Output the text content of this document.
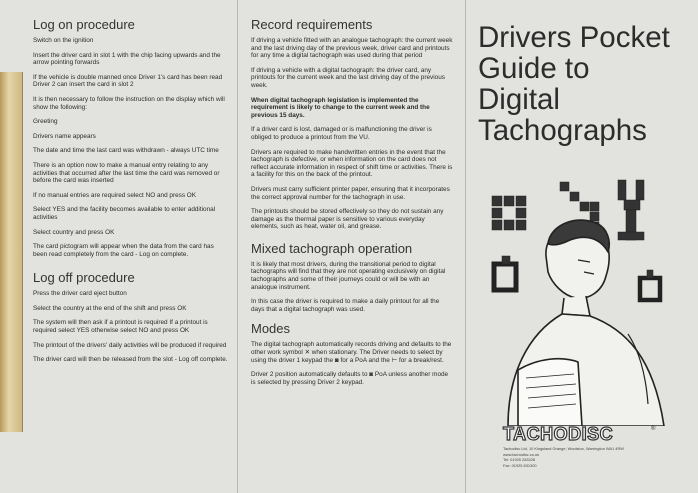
Log on procedure

Switch on the ignition

Insert the driver card in slot 1 with the chip facing upwards and the arrow pointing forwards

If the vehicle is double manned once Driver 1's card has been read Driver 2 can insert the card in slot 2

It is then necessary to follow the instruction on the display which will show the following:

Greeting

Drivers name appears

The date and time the last card was withdrawn - always UTC time

There is an option now to make a manual entry relating to any activities that occurred after the last time the card was removed or before the card was inserted

If no manual entries are required select NO and press OK

Select YES and the facility becomes available to enter additional activities

Select country and press OK

The card pictogram will appear when the data from the card has been read completely from the card - Log on complete.

Log off procedure

Press the driver card eject button

Select the country at the end of the shift and press OK

The system will then ask if a printout is required If a printout is required select YES otherwise select NO and press OK

The printout of the drivers' daily activities will be produced if required

The driver card will then be released from the slot - Log off complete.

Record requirements

If driving a vehicle fitted with an analogue tachograph: the current week and the last driving day of the previous week, driver card and printouts for any time a digital tachograph was used during that period

If driving a vehicle with a digital tachograph: the driver card, any printouts for the current week and the last driving day of the previous week.

When digital tachograph legislation is implemented the requirement is likely to change to the current week and the previous 15 days.

If a driver card is lost, damaged or is malfunctioning the driver is obliged to produce a printout from the VU.

Drivers are required to make handwritten entries in the event that the tachograph is defective, or when information on the card does not reflect accurate information in respect of shift time or activities. There is a facility for this on the back of the printout.

Drivers must carry sufficient printer paper, ensuring that it incorporates the correct approval number for the tachograph in use.

The printouts should be stored effectively so they do not sustain any damage as the thermal paper is sensitive to various everyday elements, such as heat, water oil, and grease.

Mixed tachograph operation

It is likely that most drivers, during the transitional period to digital tachographs will find that they are not operating exclusively on digital tachographs and some of their journeys could or will be with an analogue instrument.

In this case the driver is required to make a daily printout for all the days that a digital tachograph was used.

Modes

The digital tachograph automatically records driving and defaults to the other work symbol ✕ when stationary. The Driver needs to select by using the driver 1 keypad the ◙ for a PoA and the ⊢ for a break/rest.

Driver 2 position automatically defaults to ◙ PoA unless another mode is selected by pressing Driver 2 keypad.

Drivers Pocket
Guide to
Digital
Tachographs
TACHODISC	®
Tachodisc Ltd, 10 Kingsland Grange, Woolston, Warrington WA1 4RW
www.tachodisc.co.uk
Tel: 01925 283328
Fax: 01925 831300
